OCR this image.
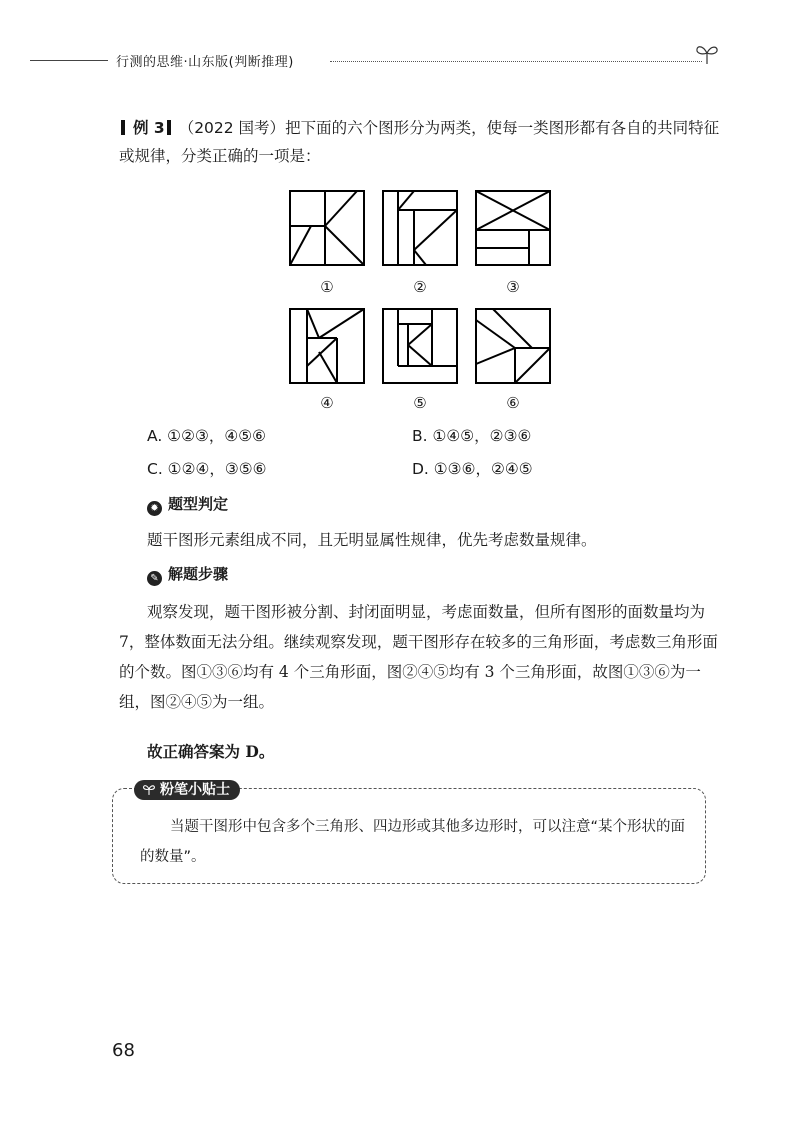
行测的思维·山东版(判断推理)
例 3 （2022 国考）把下面的六个图形分为两类，使每一类图形都有各自的共同特征或规律，分类正确的一项是：
①	②	③
④	⑤	⑥
A. ①②③，④⑤⑥	B. ①④⑤，②③⑥
C. ①②④，③⑤⑥	D. ①③⑥，②④⑤
✹ 题型判定
题干图形元素组成不同，且无明显属性规律，优先考虑数量规律。
✎ 解题步骤
观察发现，题干图形被分割、封闭面明显，考虑面数量，但所有图形的面数量均为 7，整体数面无法分组。继续观察发现，题干图形存在较多的三角形面，考虑数三角形面的个数。图①③⑥均有 4 个三角形面，图②④⑤均有 3 个三角形面，故图①③⑥为一组，图②④⑤为一组。
故正确答案为 D。
粉笔小贴士
当题干图形中包含多个三角形、四边形或其他多边形时，可以注意“某个形状的面的数量”。
68
